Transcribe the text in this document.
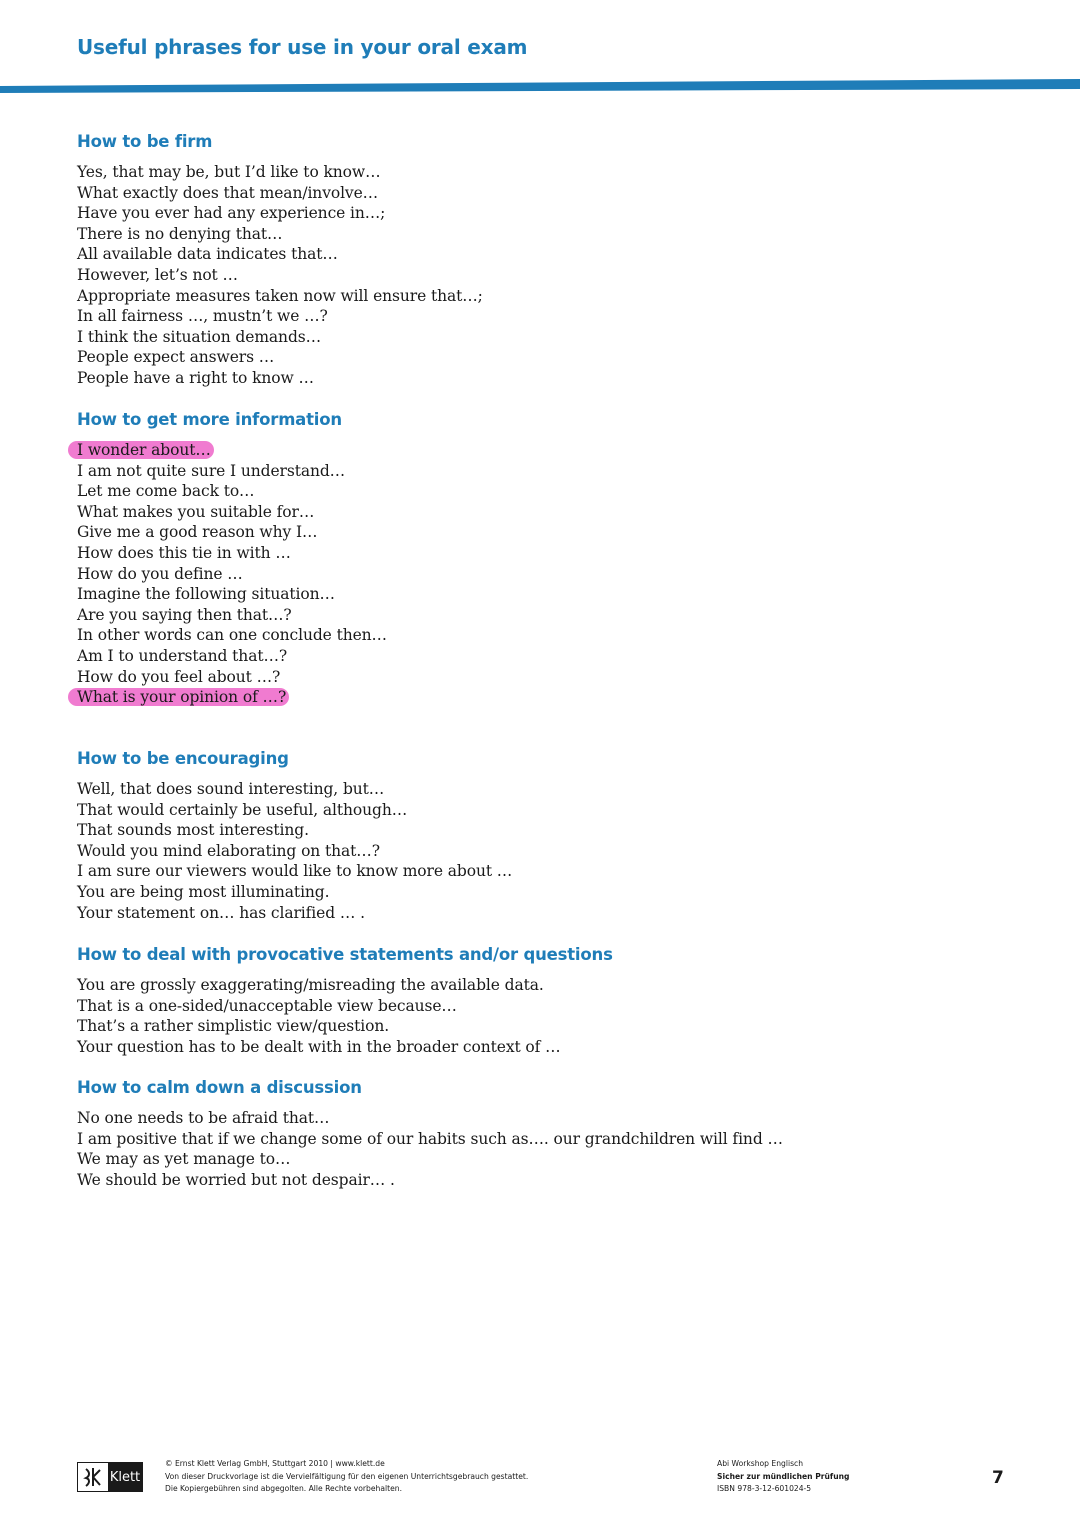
Useful phrases for use in your oral exam
How to be firm
Yes, that may be, but I’d like to know…
What exactly does that mean/involve…
Have you ever had any experience in…;
There is no denying that…
All available data indicates that…
However, let’s not …
Appropriate measures taken now will ensure that…;
In all fairness …, mustn’t we …?
I think the situation demands…
People expect answers …
People have a right to know …
How to get more information
I wonder about…
I am not quite sure I understand…
Let me come back to…
What makes you suitable for…
Give me a good reason why I…
How does this tie in with …
How do you define …
Imagine the following situation…
Are you saying then that…?
In other words can one conclude then…
Am I to understand that…?
How do you feel about …?
What is your opinion of …?
How to be encouraging
Well, that does sound interesting, but…
That would certainly be useful, although…
That sounds most interesting.
Would you mind elaborating on that…?
I am sure our viewers would like to know more about …
You are being most illuminating.
Your statement on… has clarified … .
How to deal with provocative statements and/or questions
You are grossly exaggerating/misreading the available data.
That is a one-sided/unacceptable view because…
That’s a rather simplistic view/question.
Your question has to be dealt with in the broader context of …
How to calm down a discussion
No one needs to be afraid that…
I am positive that if we change some of our habits such as…. our grandchildren will find …
We may as yet manage to…
We should be worried but not despair… .
Klett
© Ernst Klett Verlag GmbH, Stuttgart 2010 | www.klett.de
Von dieser Druckvorlage ist die Vervielfältigung für den eigenen Unterrichtsgebrauch gestattet.
Die Kopiergebühren sind abgegolten. Alle Rechte vorbehalten.
Abi Workshop Englisch
Sicher zur mündlichen Prüfung
ISBN 978-3-12-601024-5
7
